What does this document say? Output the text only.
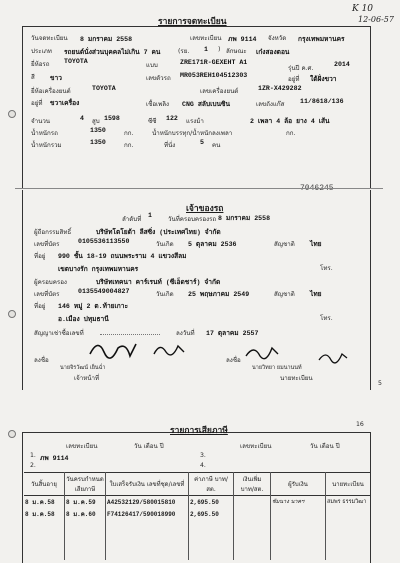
K 10
12-06-57
รายการจดทะเบียน
วันจดทะเบียน 8 มกราคม 2558	เลขทะเบียน ภพ 9114 จังหวัด กรุงเทพมหานคร
ประเภท รถยนต์นั่งส่วนบุคคลไม่เกิน 7 คน	(รย. 1 ) ลักษณะ เก๋งสองตอน
ยี่ห้อรถ TOYOTA
แบบ	ZRE171R-GEXEHT A1
รุ่นปี ค.ศ.
2014
สี ขาว	เลขตัวรถ MR053REH104512303
อยู่ที่ ใต้ฝั่งขวา
ยี่ห้อเครื่องยนต์	TOYOTA	เลขเครื่องยนต์	1ZR-X429282
อยู่ที่ ขวาเครื่อง	เชื้อเพลิง CNG สลับเบนซิน	เลขถังแก๊ส 11/8618/136
จำนวน	4 สูบ 1598	ซีซี 122 แรงม้า	2 เพลา 4 ล้อ ยาง 4 เส้น
น้ำหนักรถ	1350	กก.	น้ำหนักบรรทุก/น้ำหนักลงเพลา	กก.
น้ำหนักรวม	1350	กก.	ที่นั่ง	5 คน
เจ้าของรถ
ลำดับที่
1
วันที่ครอบครองรถ 8 มกราคม 2558
ผู้ถือกรรมสิทธิ์	บริษัทโตโยต้า ลีสซิ่ง (ประเทศไทย) จำกัด
เลขที่บัตร	0105536113550	วันเกิด 5 ตุลาคม 2536	สัญชาติ ไทย
ที่อยู่ 990 ชั้น 18-19 ถนนพระราม 4 แขวงสีลม
เขตบางรัก กรุงเทพมหานคร	โทร.
ผู้ครอบครอง	บริษัทเทคนา คาร์เรนท์ (ซีเอ็ดชาร์) จำกัด
เลขที่บัตร	0135549004827	วันเกิด 25 พฤษภาคม 2549	สัญชาติ ไทย
ที่อยู่ 146 หมู่ 2 ต.ท้ายเกาะ
อ.เมือง ปทุมธานี	โทร.
สัญญาเช่าซื้อเลขที่	ลงวันที่ 17 ตุลาคม 2557
ลงชื่อ	ลงชื่อ
นายจิรวัฒน์ เย็นฉ่ำ
เจ้าหน้าที่
นายวิทยา ยมนานนท์
นายทะเบียน
5
รายการเสียภาษี
16
เลขทะเบียน	วัน เดือน ปี	เลขทะเบียน	วัน เดือน ปี
1. ภพ 9114
2.
3.
4.
วันสิ้นอายุ	วันครบกำหนดเสียภาษี	ใบเสร็จรับเงิน เลขที่ชุด/เลขที่	ค่าภาษี บาท/สต.	เงินเพิ่ม บาท/สต.	ผู้รับเงิน	นายทะเบียน
8 ม.ค.58	8 ม.ค.59	A42532129/580015810	2,695.50		ชัมนาง นาคฯ	สมพร ธรรมวิฒา
8 ม.ค.58	8 ม.ค.60	F74126417/590018990	2,695.50			
